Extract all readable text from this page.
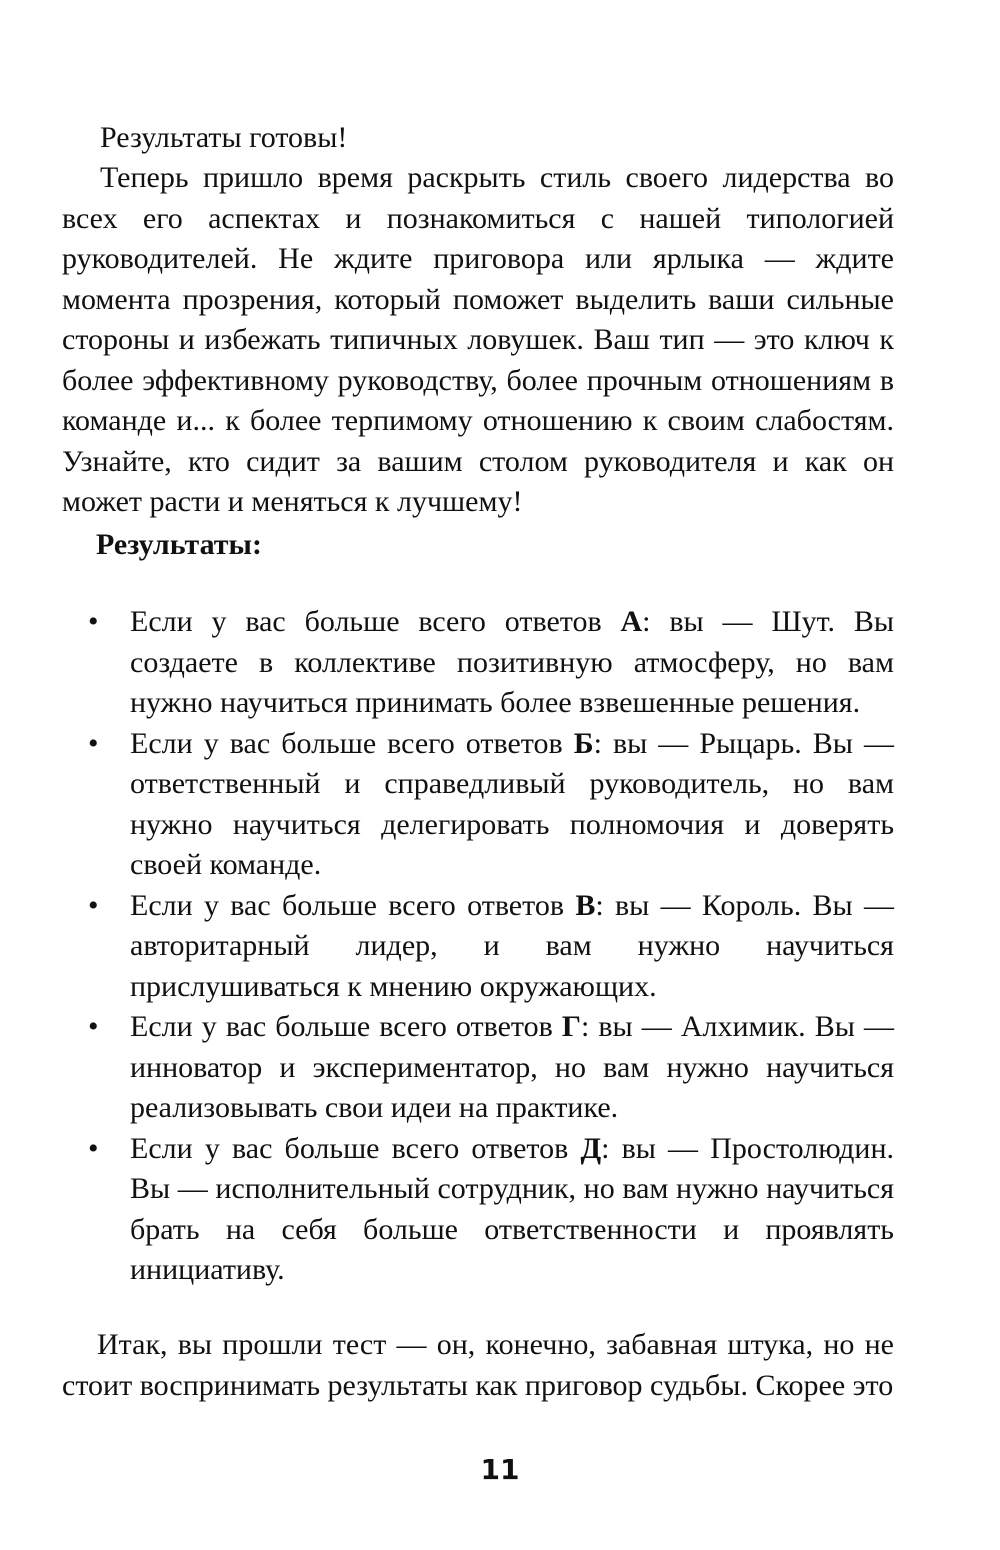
Результаты готовы!
Теперь пришло время раскрыть стиль своего лидерства во всех его аспектах и познакомиться с нашей типологией руководителей. Не ждите приговора или ярлыка — ждите момента прозрения, который поможет выделить ваши сильные стороны и избежать типичных ловушек. Ваш тип — это ключ к более эффективному руководству, более прочным отношениям в команде и... к более терпимому отношению к своим слабостям. Узнайте, кто сидит за вашим столом руководителя и как он может расти и меняться к лучшему!
Результаты:
• Если у вас больше всего ответов А: вы — Шут. Вы создаете в коллективе позитивную атмосферу, но вам нужно научиться принимать более взвешенные решения.
• Если у вас больше всего ответов Б: вы — Рыцарь. Вы — ответственный и справедливый руководитель, но вам нужно научиться делегировать полномочия и доверять своей команде.
• Если у вас больше всего ответов В: вы — Король. Вы — авторитарный лидер, и вам нужно научиться прислушиваться к мнению окружающих.
• Если у вас больше всего ответов Г: вы — Алхимик. Вы — инноватор и экспериментатор, но вам нужно научиться реализовывать свои идеи на практике.
• Если у вас больше всего ответов Д: вы — Простолюдин. Вы — исполнительный сотрудник, но вам нужно научиться брать на себя больше ответственности и проявлять инициативу.
Итак, вы прошли тест — он, конечно, забавная штука, но не стоит воспринимать результаты как приговор судьбы. Скорее это
11
